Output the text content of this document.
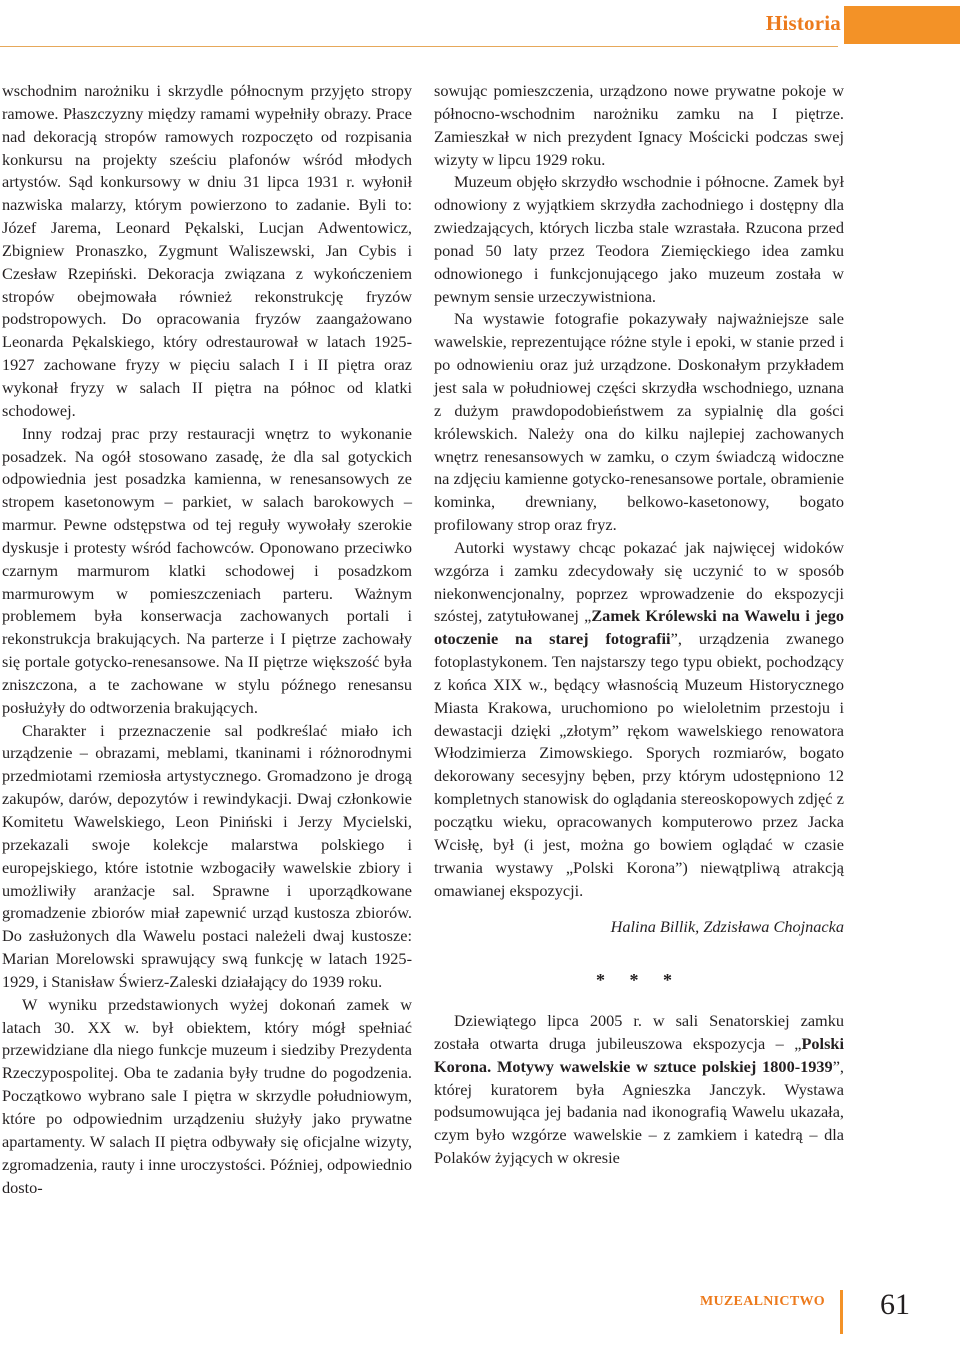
Historia

wschodnim narożniku i skrzydle północnym przyjęto stropy ramowe. Płaszczyzny między ramami wypełniły obrazy. Prace nad dekoracją stropów ramowych rozpoczęto od rozpisania konkursu na projekty sześciu plafonów wśród młodych artystów. Sąd konkursowy w dniu 31 lipca 1931 r. wyłonił nazwiska malarzy, którym powierzono to zadanie. Byli to: Józef Jarema, Leonard Pękalski, Lucjan Adwentowicz, Zbigniew Pronaszko, Zygmunt Waliszewski, Jan Cybis i Czesław Rzepiński. Dekoracja związana z wykończeniem stropów obejmowała również rekonstrukcję fryzów podstropowych. Do opracowania fryzów zaangażowano Leonarda Pękalskiego, który odrestaurował w latach 1925-1927 zachowane fryzy w pięciu salach I i II piętra oraz wykonał fryzy w salach II piętra na północ od klatki schodowej.

Inny rodzaj prac przy restauracji wnętrz to wykonanie posadzek. Na ogół stosowano zasadę, że dla sal gotyckich odpowiednia jest posadzka kamienna, w renesansowych ze stropem kasetonowym – parkiet, w salach barokowych – marmur. Pewne odstępstwa od tej reguły wywołały szerokie dyskusje i protesty wśród fachowców. Oponowano przeciwko czarnym marmurom klatki schodowej i posadzkom marmurowym w pomieszczeniach parteru. Ważnym problemem była konserwacja zachowanych portali i rekonstrukcja brakujących. Na parterze i I piętrze zachowały się portale gotycko-renesansowe. Na II piętrze większość była zniszczona, a te zachowane w stylu późnego renesansu posłużyły do odtworzenia brakujących.

Charakter i przeznaczenie sal podkreślać miało ich urządzenie – obrazami, meblami, tkaninami i różnorodnymi przedmiotami rzemiosła artystycznego. Gromadzono je drogą zakupów, darów, depozytów i rewindykacji. Dwaj członkowie Komitetu Wawelskiego, Leon Piniński i Jerzy Mycielski, przekazali swoje kolekcje malarstwa polskiego i europejskiego, które istotnie wzbogaciły wawelskie zbiory i umożliwiły aranżacje sal. Sprawne i uporządkowane gromadzenie zbiorów miał zapewnić urząd kustosza zbiorów. Do zasłużonych dla Wawelu postaci należeli dwaj kustosze: Marian Morelowski sprawujący swą funkcję w latach 1925-1929, i Stanisław Świerz-Zaleski działający do 1939 roku.

W wyniku przedstawionych wyżej dokonań zamek w latach 30. XX w. był obiektem, który mógł spełniać przewidziane dla niego funkcje muzeum i siedziby Prezydenta Rzeczypospolitej. Oba te zadania były trudne do pogodzenia. Początkowo wybrano sale I piętra w skrzydle południowym, które po odpowiednim urządzeniu służyły jako prywatne apartamenty. W salach II piętra odbywały się oficjalne wizyty, zgromadzenia, rauty i inne uroczystości. Później, odpowiednio dosto-

sowując pomieszczenia, urządzono nowe prywatne pokoje w północno-wschodnim narożniku zamku na I piętrze. Zamieszkał w nich prezydent Ignacy Mościcki podczas swej wizyty w lipcu 1929 roku.

Muzeum objęło skrzydło wschodnie i północne. Zamek był odnowiony z wyjątkiem skrzydła zachodniego i dostępny dla zwiedzających, których liczba stale wzrastała. Rzucona przed ponad 50 laty przez Teodora Ziemięckiego idea zamku odnowionego i funkcjonującego jako muzeum została w pewnym sensie urzeczywistniona.

Na wystawie fotografie pokazywały najważniejsze sale wawelskie, reprezentujące różne style i epoki, w stanie przed i po odnowieniu oraz już urządzone. Doskonałym przykładem jest sala w południowej części skrzydła wschodniego, uznana z dużym prawdopodobieństwem za sypialnię dla gości królewskich. Należy ona do kilku najlepiej zachowanych wnętrz renesansowych w zamku, o czym świadczą widoczne na zdjęciu kamienne gotycko-renesansowe portale, obramienie kominka, drewniany, belkowo-kasetonowy, bogato profilowany strop oraz fryz.

Autorki wystawy chcąc pokazać jak najwięcej widoków wzgórza i zamku zdecydowały się uczynić to w sposób niekonwencjonalny, poprzez wprowadzenie do ekspozycji szóstej, zatytułowanej „Zamek Królewski na Wawelu i jego otoczenie na starej fotografii”, urządzenia zwanego fotoplastykonem. Ten najstarszy tego typu obiekt, pochodzący z końca XIX w., będący własnością Muzeum Historycznego Miasta Krakowa, uruchomiono po wieloletnim przestoju i dewastacji dzięki „złotym” rękom wawelskiego renowatora Włodzimierza Zimowskiego. Sporych rozmiarów, bogato dekorowany secesyjny bęben, przy którym udostępniono 12 kompletnych stanowisk do oglądania stereoskopowych zdjęć z początku wieku, opracowanych komputerowo przez Jacka Wcisłę, był (i jest, można go bowiem oglądać w czasie trwania wystawy „Polski Korona”) niewątpliwą atrakcją omawianej ekspozycji.

Halina Billik, Zdzisława Chojnacka

* * *

Dziewiątego lipca 2005 r. w sali Senatorskiej zamku została otwarta druga jubileuszowa ekspozycja – „Polski Korona. Motywy wawelskie w sztuce polskiej 1800-1939”, której kuratorem była Agnieszka Janczyk. Wystawa podsumowująca jej badania nad ikonografią Wawelu ukazała, czym było wzgórze wawelskie – z zamkiem i katedrą – dla Polaków żyjących w okresie

MUZEALNICTWO 61
